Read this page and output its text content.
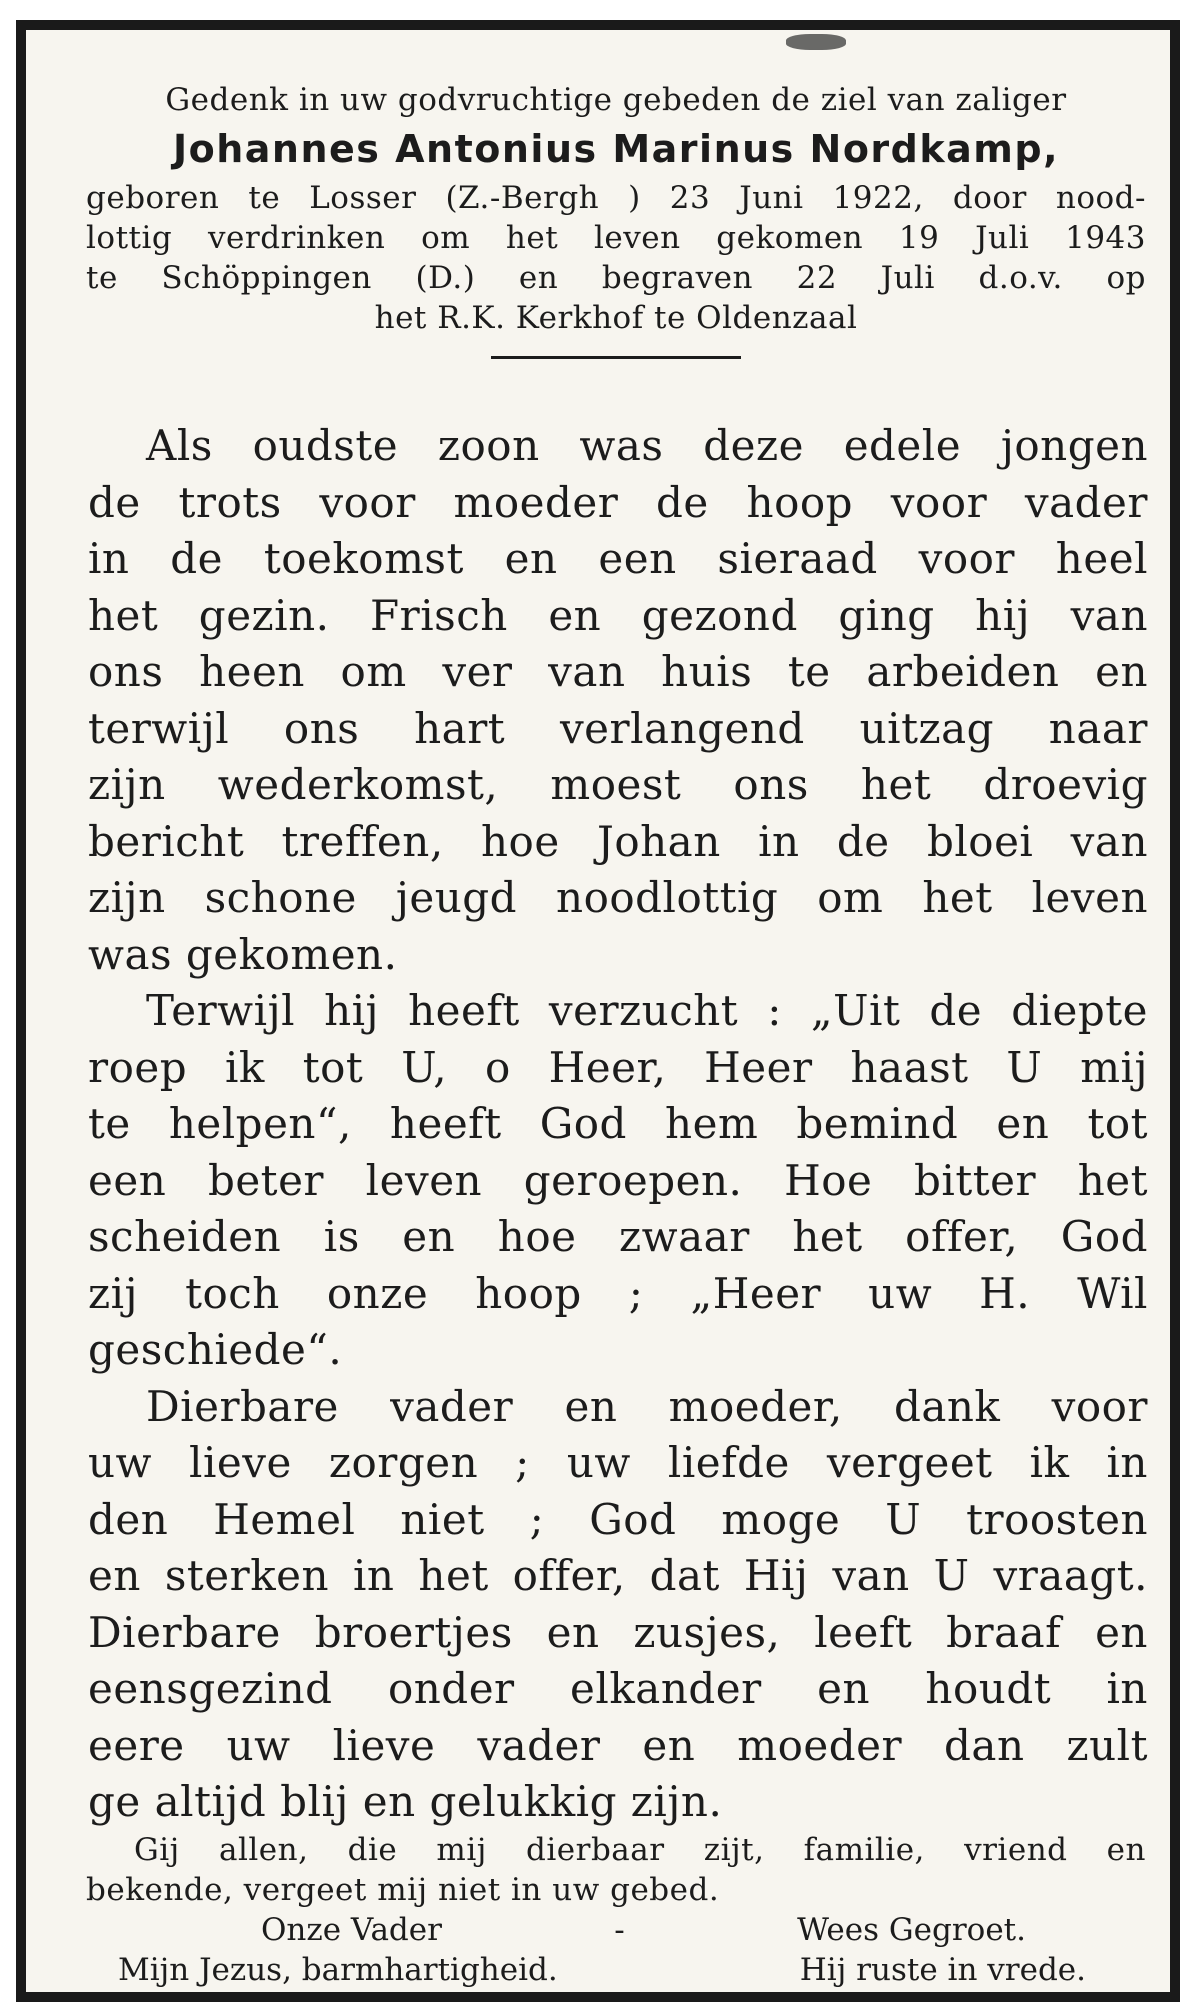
Gedenk in uw godvruchtige gebeden de ziel van zaliger
Johannes Antonius Marinus Nordkamp,
geboren te Losser (Z.-Bergh ) 23 Juni 1922, door nood-
lottig verdrinken om het leven gekomen 19 Juli 1943
te Schöppingen (D.) en begraven 22 Juli d.o.v. op
het R.K. Kerkhof te Oldenzaal
Als oudste zoon was deze edele jongen
de trots voor moeder de hoop voor vader
in de toekomst en een sieraad voor heel
het gezin. Frisch en gezond ging hij van
ons heen om ver van huis te arbeiden en
terwijl ons hart verlangend uitzag naar
zijn wederkomst, moest ons het droevig
bericht treffen, hoe Johan in de bloei van
zijn schone jeugd noodlottig om het leven
was gekomen.
Terwijl hij heeft verzucht : „Uit de diepte
roep ik tot U, o Heer, Heer haast U mij
te helpen“, heeft God hem bemind en tot
een beter leven geroepen. Hoe bitter het
scheiden is en hoe zwaar het offer, God
zij toch onze hoop ; „Heer uw H. Wil
geschiede“.
Dierbare vader en moeder, dank voor
uw lieve zorgen ; uw liefde vergeet ik in
den Hemel niet ; God moge U troosten
en sterken in het offer, dat Hij van U vraagt.
Dierbare broertjes en zusjes, leeft braaf en
eensgezind onder elkander en houdt in
eere uw lieve vader en moeder dan zult
ge altijd blij en gelukkig zijn.
Gij allen, die mij dierbaar zijt, familie, vriend en
bekende, vergeet mij niet in uw gebed.
Onze Vader	-	Wees Gegroet.
Mijn Jezus, barmhartigheid.	Hij ruste in vrede.
